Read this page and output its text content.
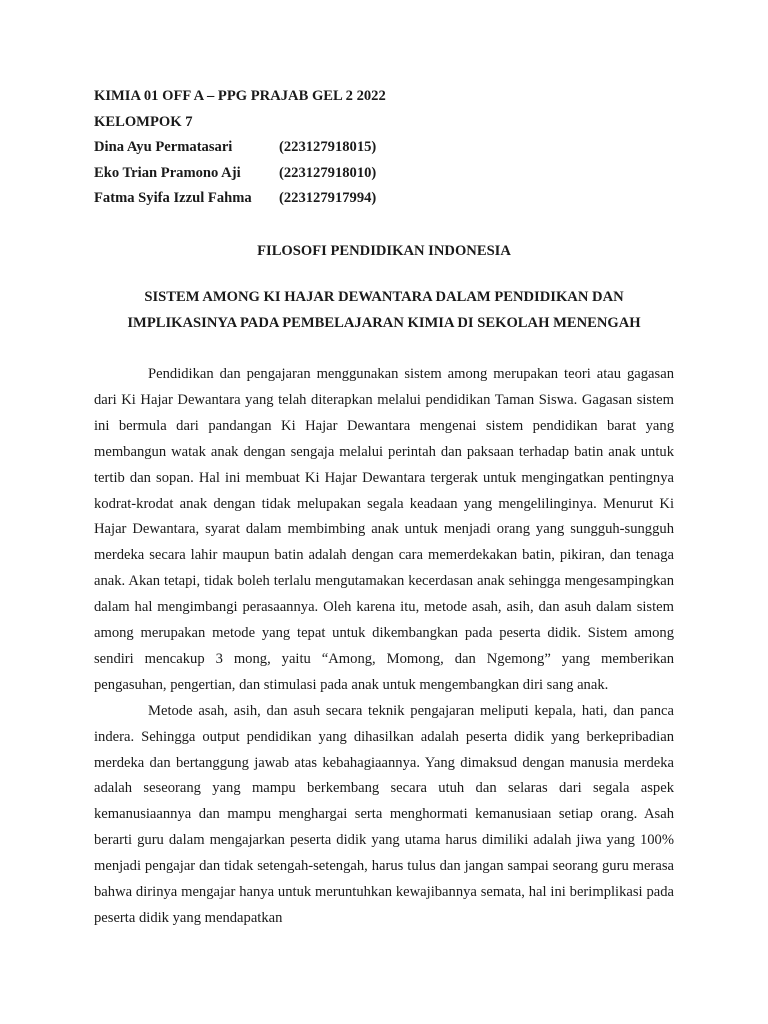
KIMIA 01 OFF A – PPG PRAJAB GEL 2 2022
KELOMPOK 7
Dina Ayu Permatasari	(223127918015)
Eko Trian Pramono Aji	(223127918010)
Fatma Syifa Izzul Fahma	(223127917994)
FILOSOFI PENDIDIKAN INDONESIA
SISTEM AMONG KI HAJAR DEWANTARA DALAM PENDIDIKAN DAN
IMPLIKASINYA PADA PEMBELAJARAN KIMIA DI SEKOLAH MENENGAH

Pendidikan dan pengajaran menggunakan sistem among merupakan teori atau gagasan dari Ki Hajar Dewantara yang telah diterapkan melalui pendidikan Taman Siswa. Gagasan sistem ini bermula dari pandangan Ki Hajar Dewantara mengenai sistem pendidikan barat yang membangun watak anak dengan sengaja melalui perintah dan paksaan terhadap batin anak untuk tertib dan sopan. Hal ini membuat Ki Hajar Dewantara tergerak untuk mengingatkan pentingnya kodrat-krodat anak dengan tidak melupakan segala keadaan yang mengelilinginya. Menurut Ki Hajar Dewantara, syarat dalam membimbing anak untuk menjadi orang yang sungguh-sungguh merdeka secara lahir maupun batin adalah dengan cara memerdekakan batin, pikiran, dan tenaga anak. Akan tetapi, tidak boleh terlalu mengutamakan kecerdasan anak sehingga mengesampingkan dalam hal mengimbangi perasaannya. Oleh karena itu, metode asah, asih, dan asuh dalam sistem among merupakan metode yang tepat untuk dikembangkan pada peserta didik. Sistem among sendiri mencakup 3 mong, yaitu “Among, Momong, dan Ngemong” yang memberikan pengasuhan, pengertian, dan stimulasi pada anak untuk mengembangkan diri sang anak.

Metode asah, asih, dan asuh secara teknik pengajaran meliputi kepala, hati, dan panca indera. Sehingga output pendidikan yang dihasilkan adalah peserta didik yang berkepribadian merdeka dan bertanggung jawab atas kebahagiaannya. Yang dimaksud dengan manusia merdeka adalah seseorang yang mampu berkembang secara utuh dan selaras dari segala aspek kemanusiaannya dan mampu menghargai serta menghormati kemanusiaan setiap orang. Asah berarti guru dalam mengajarkan peserta didik yang utama harus dimiliki adalah jiwa yang 100% menjadi pengajar dan tidak setengah-setengah, harus tulus dan jangan sampai seorang guru merasa bahwa dirinya mengajar hanya untuk meruntuhkan kewajibannya semata, hal ini berimplikasi pada peserta didik yang mendapatkan
